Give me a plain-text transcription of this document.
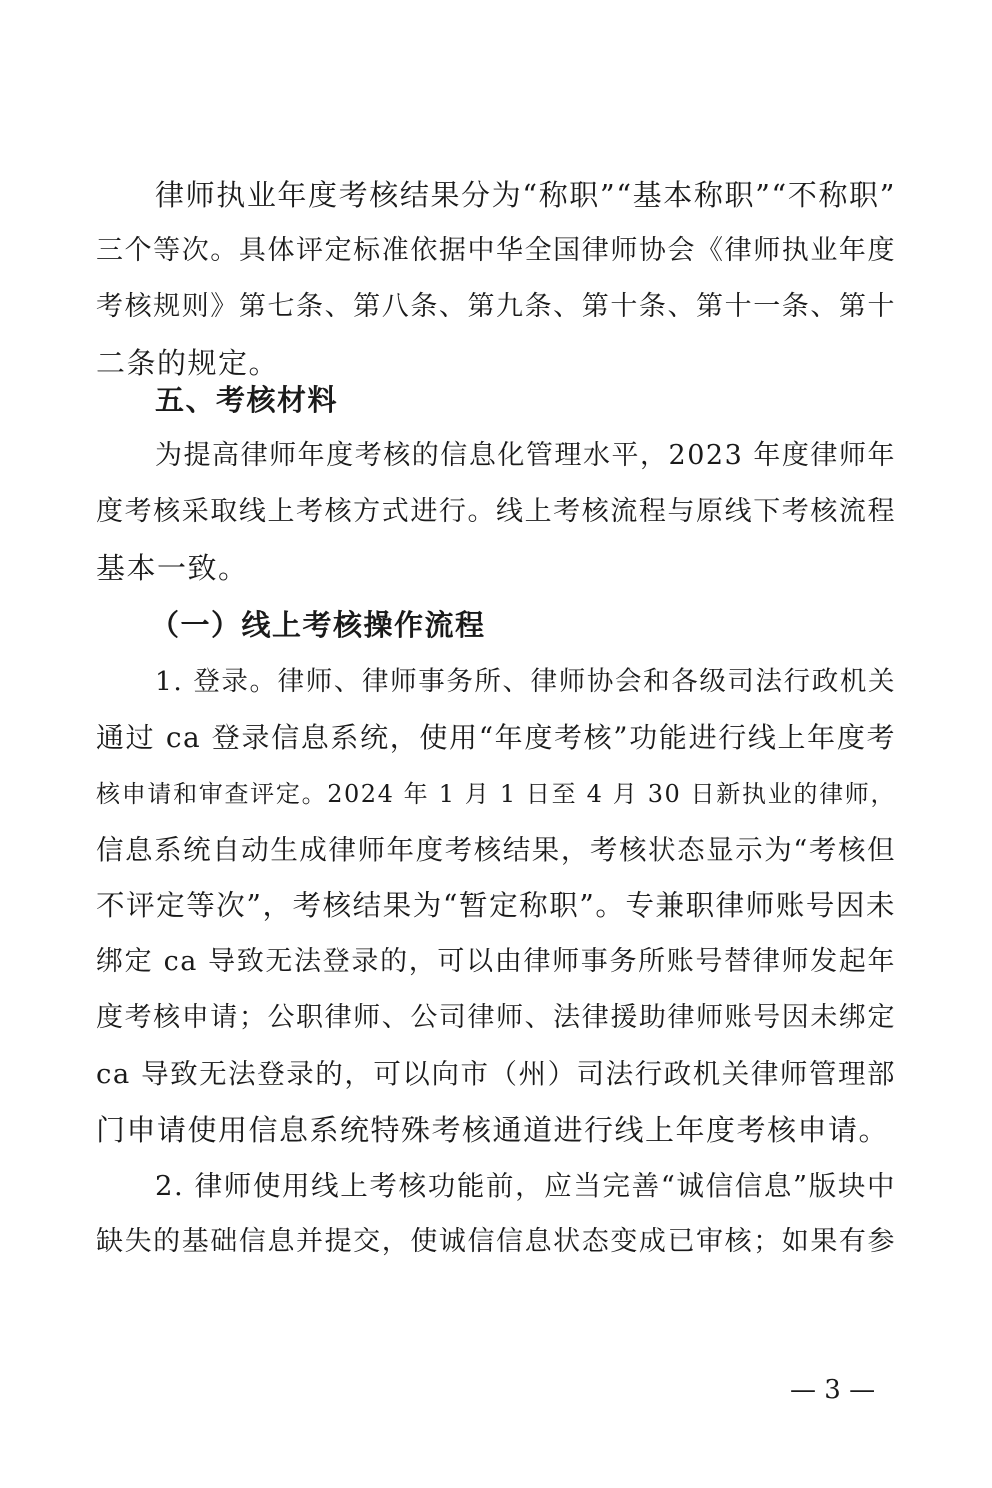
律师执业年度考核结果分为“称职”“基本称职”“不称职”
三个等次。具体评定标准依据中华全国律师协会《律师执业年度
考核规则》第七条、第八条、第九条、第十条、第十一条、第十
二条的规定。
五、考核材料
为提高律师年度考核的信息化管理水平，2023 年度律师年
度考核采取线上考核方式进行。线上考核流程与原线下考核流程
基本一致。
（一）线上考核操作流程
1. 登录。律师、律师事务所、律师协会和各级司法行政机关
通过 ca 登录信息系统，使用“年度考核”功能进行线上年度考
核申请和审查评定。2024 年 1 月 1 日至 4 月 30 日新执业的律师，
信息系统自动生成律师年度考核结果，考核状态显示为“考核但
不评定等次”，考核结果为“暂定称职”。专兼职律师账号因未
绑定 ca 导致无法登录的，可以由律师事务所账号替律师发起年
度考核申请；公职律师、公司律师、法律援助律师账号因未绑定
ca 导致无法登录的，可以向市（州）司法行政机关律师管理部
门申请使用信息系统特殊考核通道进行线上年度考核申请。
2. 律师使用线上考核功能前，应当完善“诚信信息”版块中
缺失的基础信息并提交，使诚信信息状态变成已审核；如果有参
— 3 —
